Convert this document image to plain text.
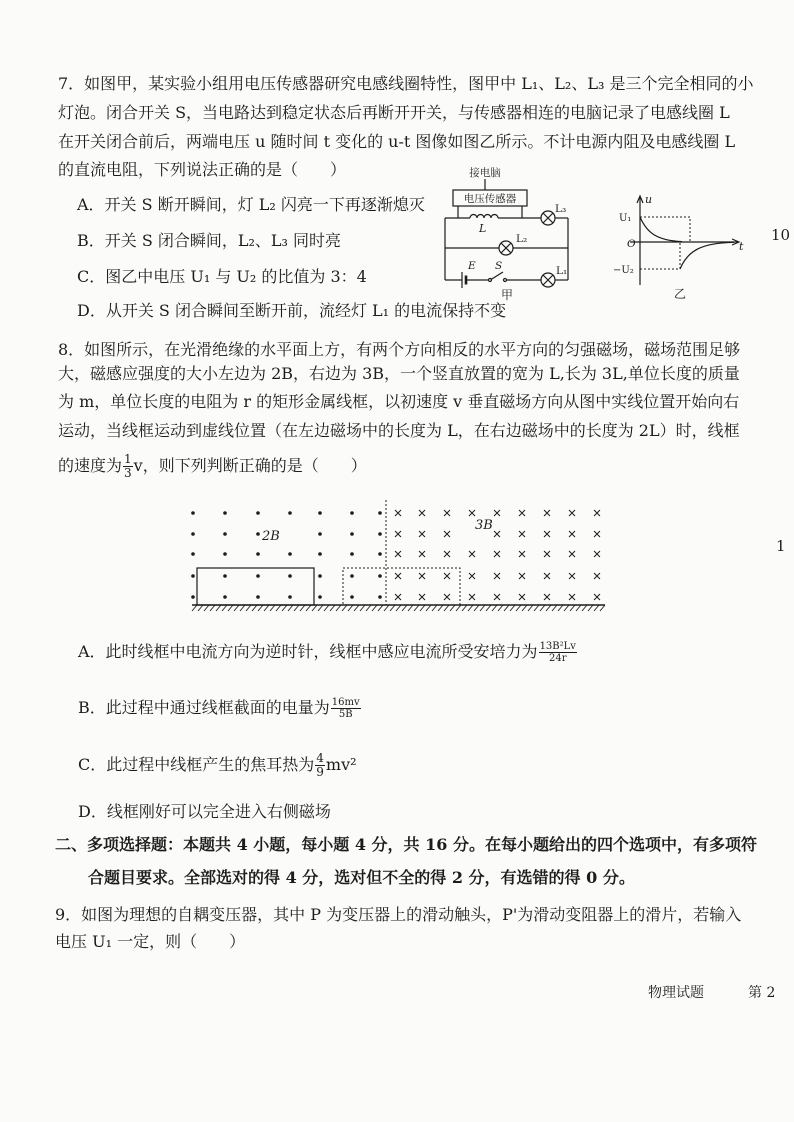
7．如图甲，某实验小组用电压传感器研究电感线圈特性，图甲中 L₁、L₂、L₃ 是三个完全相同的小
灯泡。闭合开关 S，当电路达到稳定状态后再断开开关，与传感器相连的电脑记录了电感线圈 L
在开关闭合前后，两端电压 u 随时间 t 变化的 u-t 图像如图乙所示。不计电源内阻及电感线圈 L
的直流电阻，下列说法正确的是（　　）
A．开关 S 断开瞬间，灯 L₂ 闪亮一下再逐渐熄灭
B．开关 S 闭合瞬间，L₂、L₃ 同时亮
C．图乙中电压 U₁ 与 U₂ 的比值为 3：4
D．从开关 S 闭合瞬间至断开前，流经灯 L₁ 的电流保持不变
接电脑
电压传感器
L
L₃
L₂
E S	L₁
甲
u
t
U₁
O
−U₂
乙
10
1
8．如图所示，在光滑绝缘的水平面上方，有两个方向相反的水平方向的匀强磁场，磁场范围足够
大，磁感应强度的大小左边为 2B，右边为 3B，一个竖直放置的宽为 L,长为 3L,单位长度的质量
为 m，单位长度的电阻为 r 的矩形金属线框，以初速度 v 垂直磁场方向从图中实线位置开始向右
运动，当线框运动到虚线位置（在左边磁场中的长度为 L，在右边磁场中的长度为 2L）时，线框
的速度为 $\frac{1}{3}$ v，则下列判断正确的是（　　）
2B
3B
A．此时线框中电流方向为逆时针，线框中感应电流所受安培力为 $\frac{\text{13B²Lv}}{24r}$
B．此过程中通过线框截面的电量为 $\frac{16mv}{5B}$
C．此过程中线框产生的焦耳热为 $\frac{4}{9} mv^2$
D．线框刚好可以完全进入右侧磁场
二、多项选择题：本题共 4 小题，每小题 4 分，共 16 分。在每小题给出的四个选项中，有多项符
合题目要求。全部选对的得 4 分，选对但不全的得 2 分，有选错的得 0 分。
9．如图为理想的自耦变压器，其中 P 为变压器上的滑动触头，P'为滑动变阻器上的滑片，若输入
电压 U₁ 一定，则（　　）
物理试题	第 2
